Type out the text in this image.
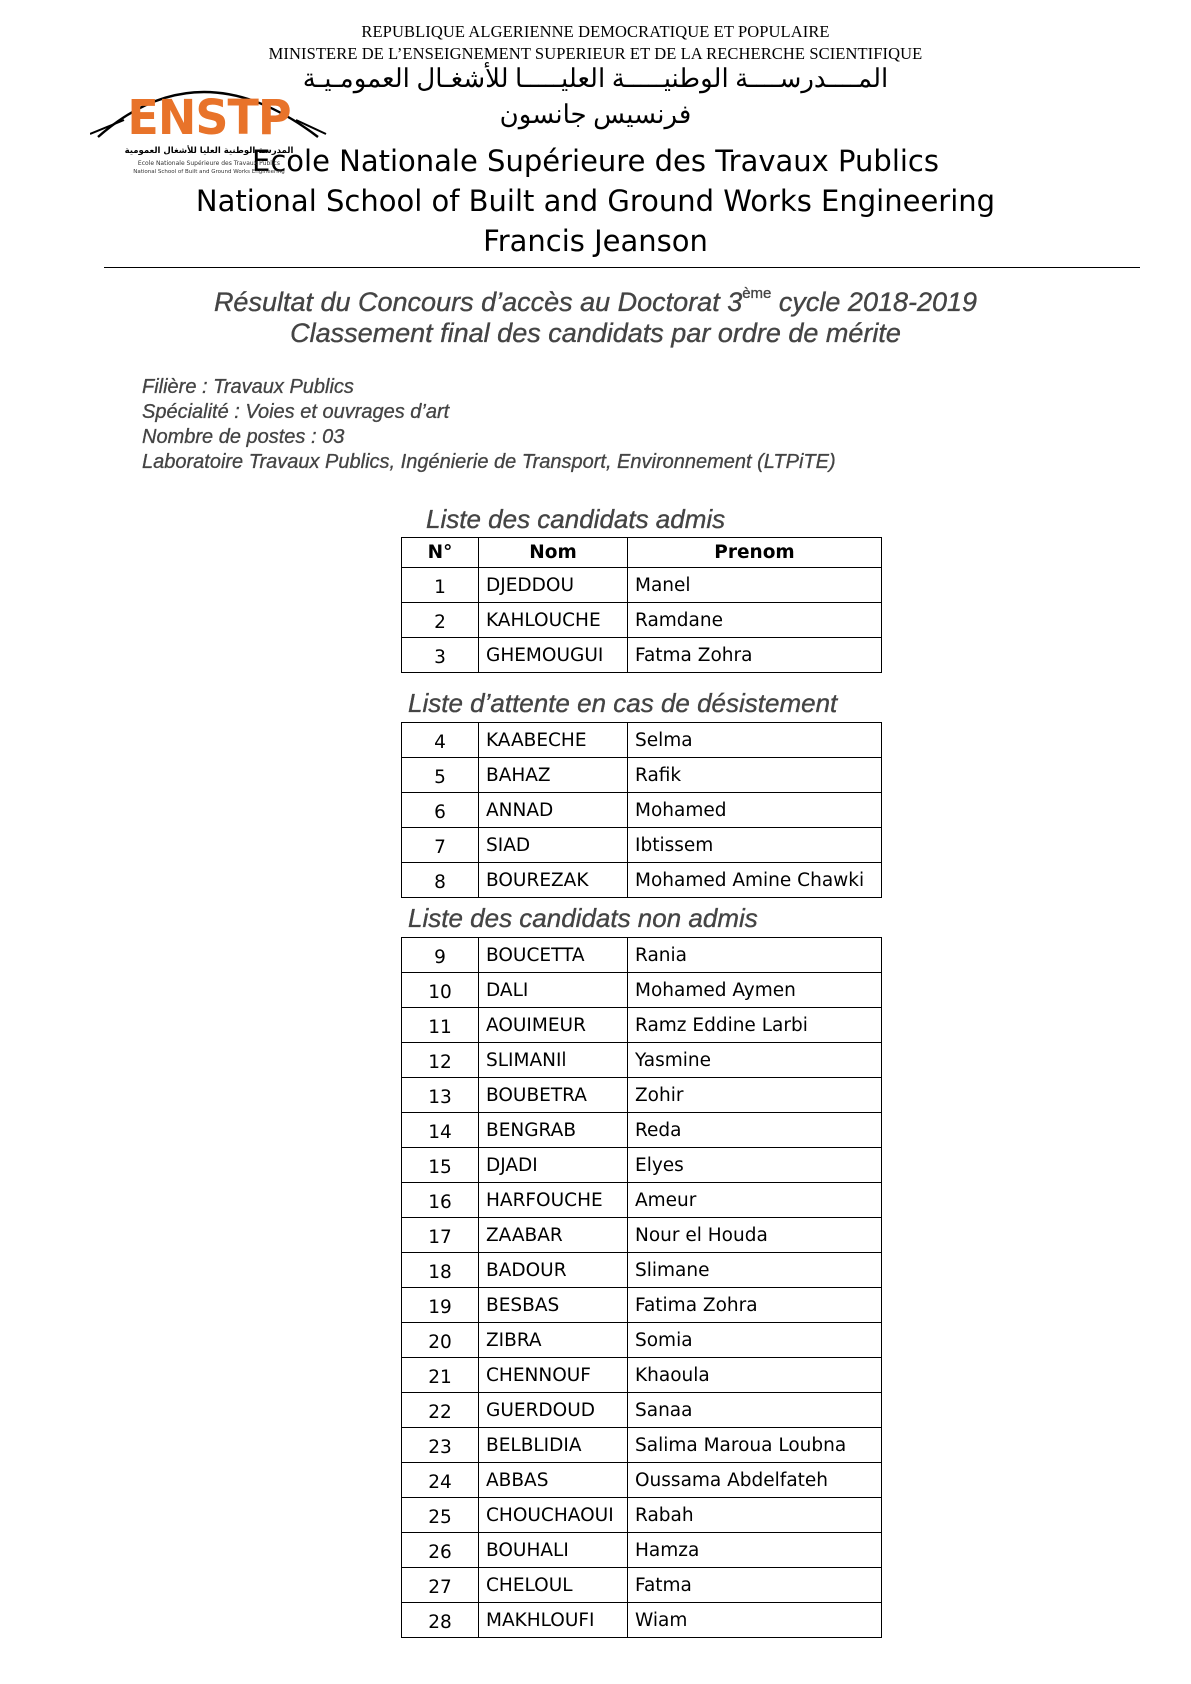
REPUBLIQUE ALGERIENNE DEMOCRATIQUE ET POPULAIRE
MINISTERE DE L’ENSEIGNEMENT SUPERIEUR ET DE LA RECHERCHE SCIENTIFIQUE
المــــدرســــة الوطنيـــــة العليـــــا للأشغـال العمومـيـة
فرنسيس جانسون
Ecole Nationale Supérieure des Travaux Publics
National School of Built and Ground Works Engineering
Francis Jeanson
ENSTP
المدرسة الوطنية العليا للأشغال العمومية
Ecole Nationale Supérieure des Travaux Publics
National School of Built and Ground Works Engineering
Résultat du Concours d’accès au Doctorat 3ème cycle 2018-2019
Classement final des candidats par ordre de mérite
Filière : Travaux Publics
Spécialité : Voies et ouvrages d’art
Nombre de postes : 03
Laboratoire Travaux Publics, Ingénierie de Transport, Environnement (LTPiTE)
Liste des candidats admis
N°	Nom	Prenom
1	DJEDDOU	Manel
2	KAHLOUCHE	Ramdane
3	GHEMOUGUI	Fatma Zohra
Liste d’attente en cas de désistement
4	KAABECHE	Selma
5	BAHAZ	Rafik
6	ANNAD	Mohamed
7	SIAD	Ibtissem
8	BOUREZAK	Mohamed Amine Chawki
Liste des candidats non admis
9	BOUCETTA	Rania
10	DALI	Mohamed Aymen
11	AOUIMEUR	Ramz Eddine Larbi
12	SLIMANIl	Yasmine
13	BOUBETRA	Zohir
14	BENGRAB	Reda
15	DJADI	Elyes
16	HARFOUCHE	Ameur
17	ZAABAR	Nour el Houda
18	BADOUR	Slimane
19	BESBAS	Fatima Zohra
20	ZIBRA	Somia
21	CHENNOUF	Khaoula
22	GUERDOUD	Sanaa
23	BELBLIDIA	Salima Maroua Loubna
24	ABBAS	Oussama Abdelfateh
25	CHOUCHAOUI	Rabah
26	BOUHALI	Hamza
27	CHELOUL	Fatma
28	MAKHLOUFI	Wiam
